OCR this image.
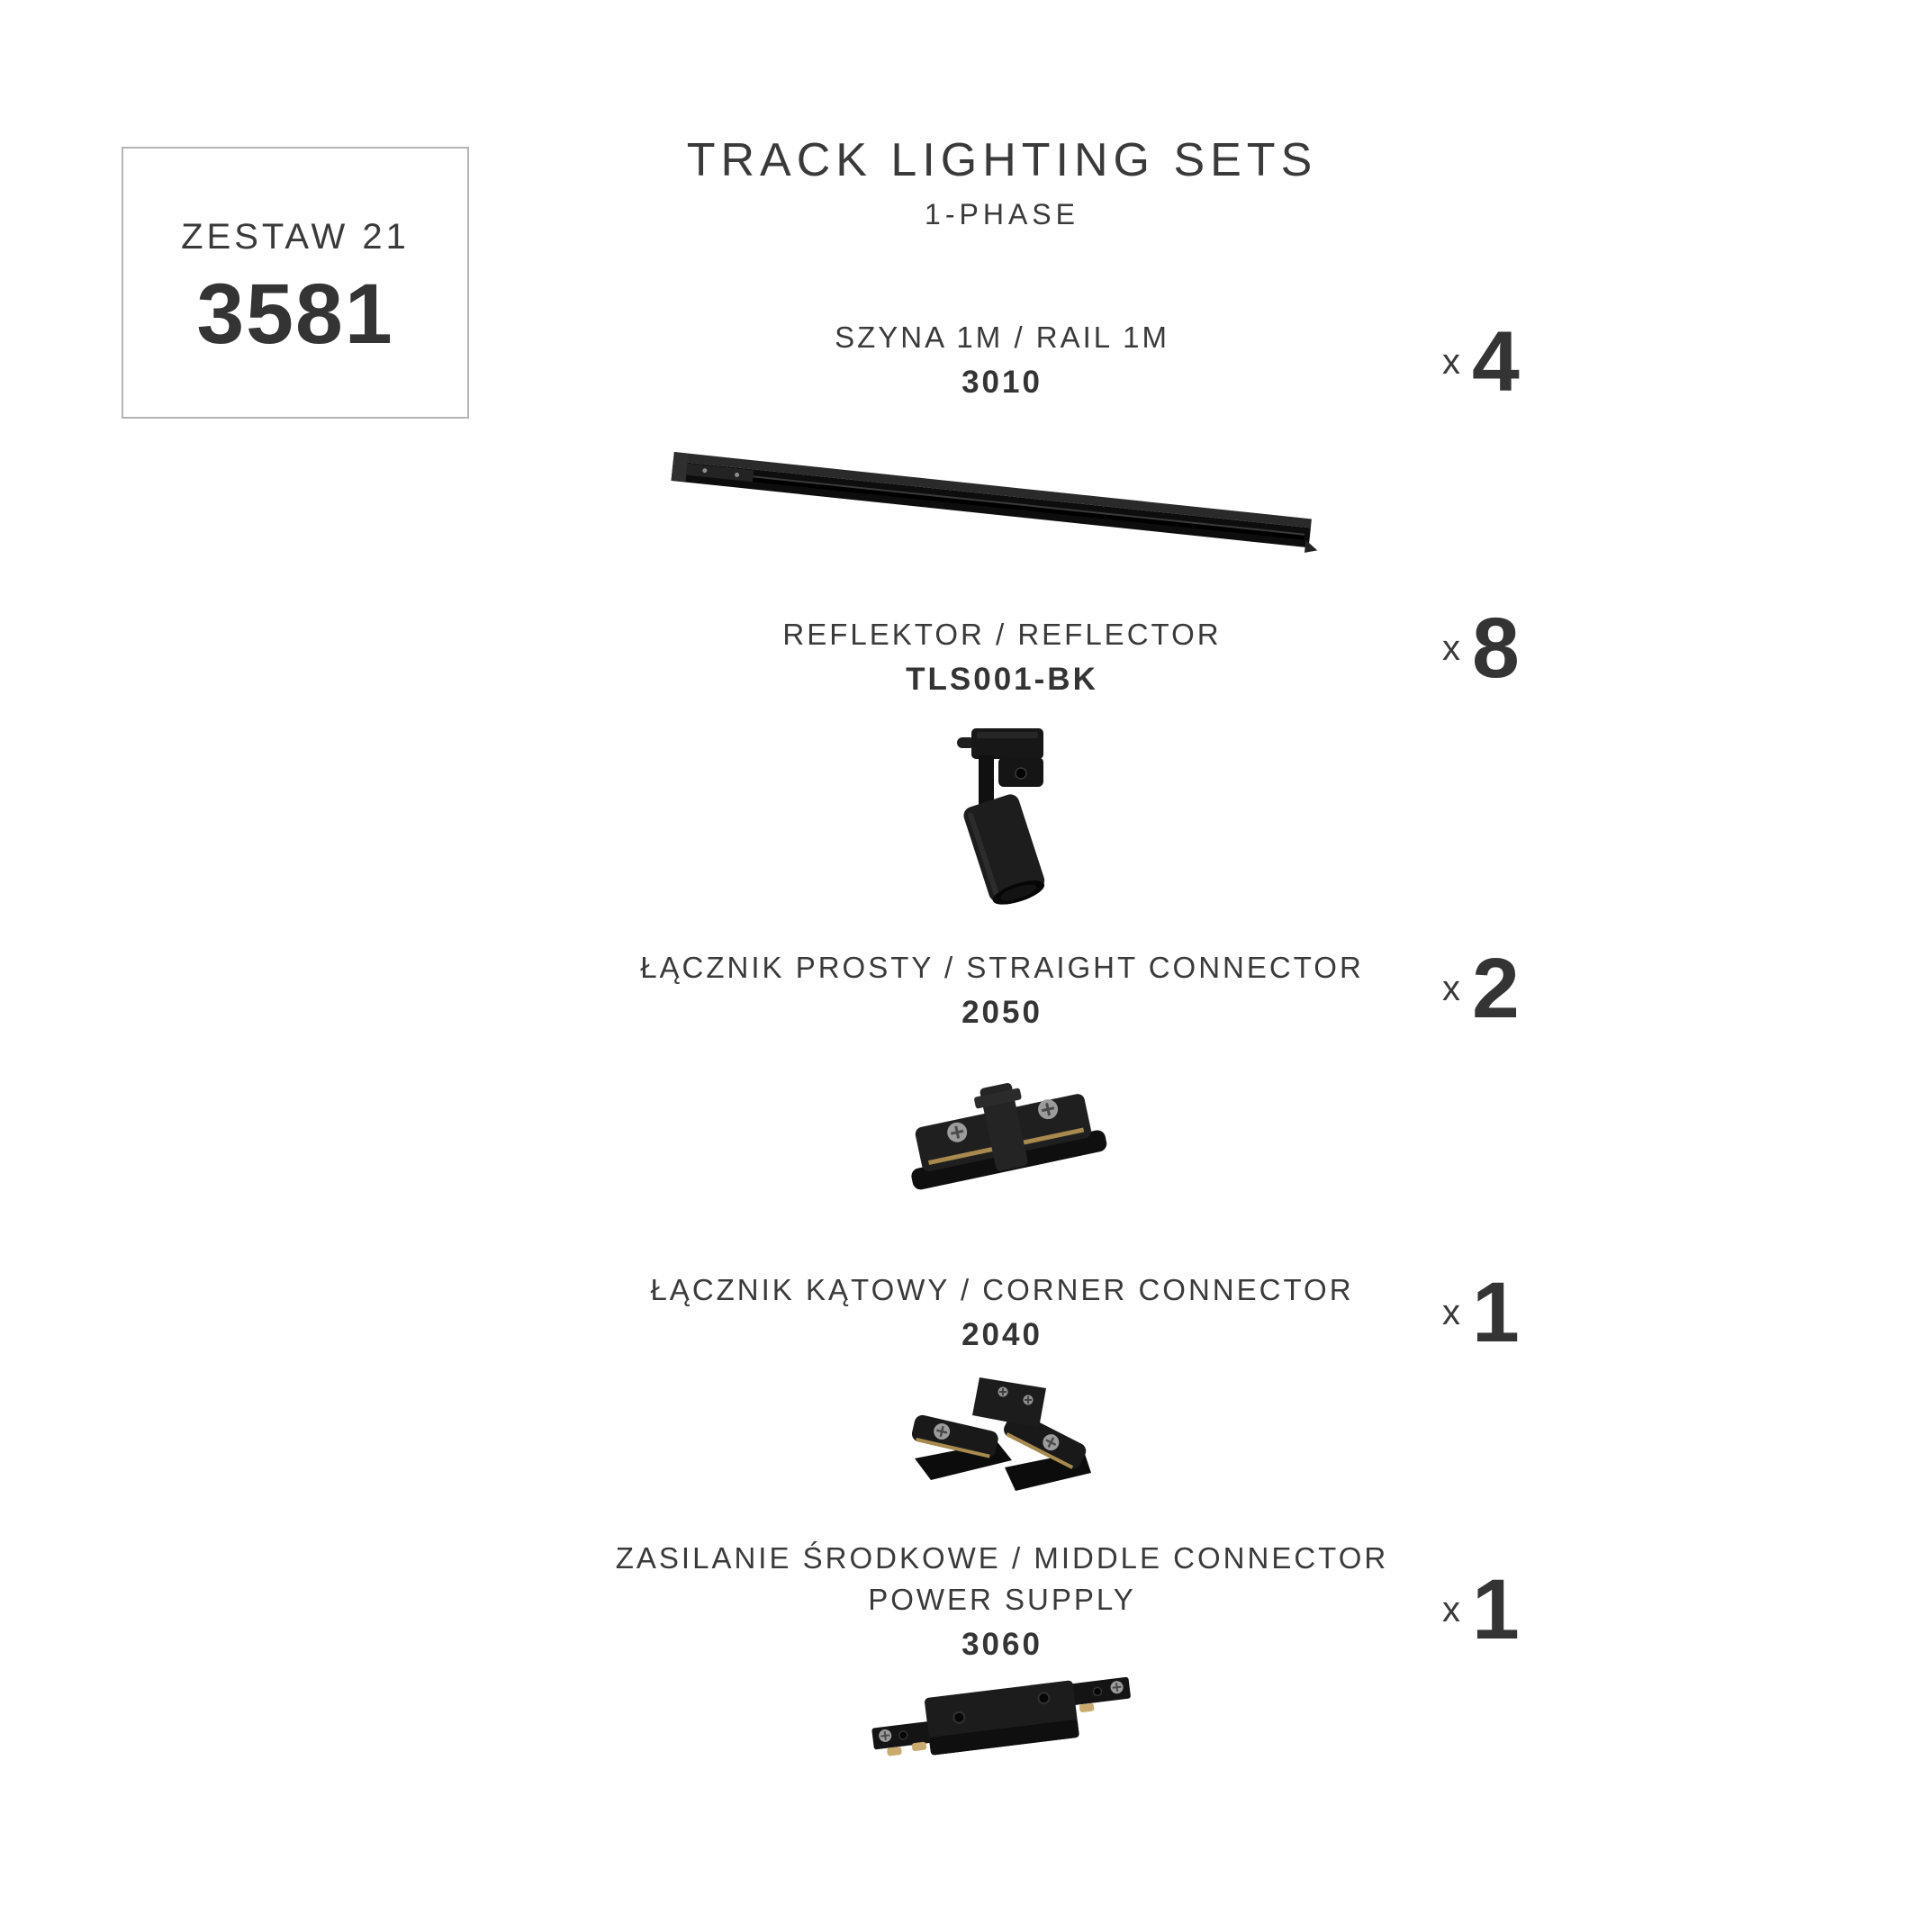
ZESTAW 21
3581
TRACK LIGHTING SETS
1-PHASE
SZYNA 1M / RAIL 1M
3010
x 4
REFLEKTOR / REFLECTOR
TLS001-BK
x 8
ŁĄCZNIK PROSTY / STRAIGHT CONNECTOR
2050
x 2
ŁĄCZNIK KĄTOWY / CORNER CONNECTOR
2040
x 1
ZASILANIE ŚRODKOWE / MIDDLE CONNECTOR
POWER SUPPLY
3060
x 1
